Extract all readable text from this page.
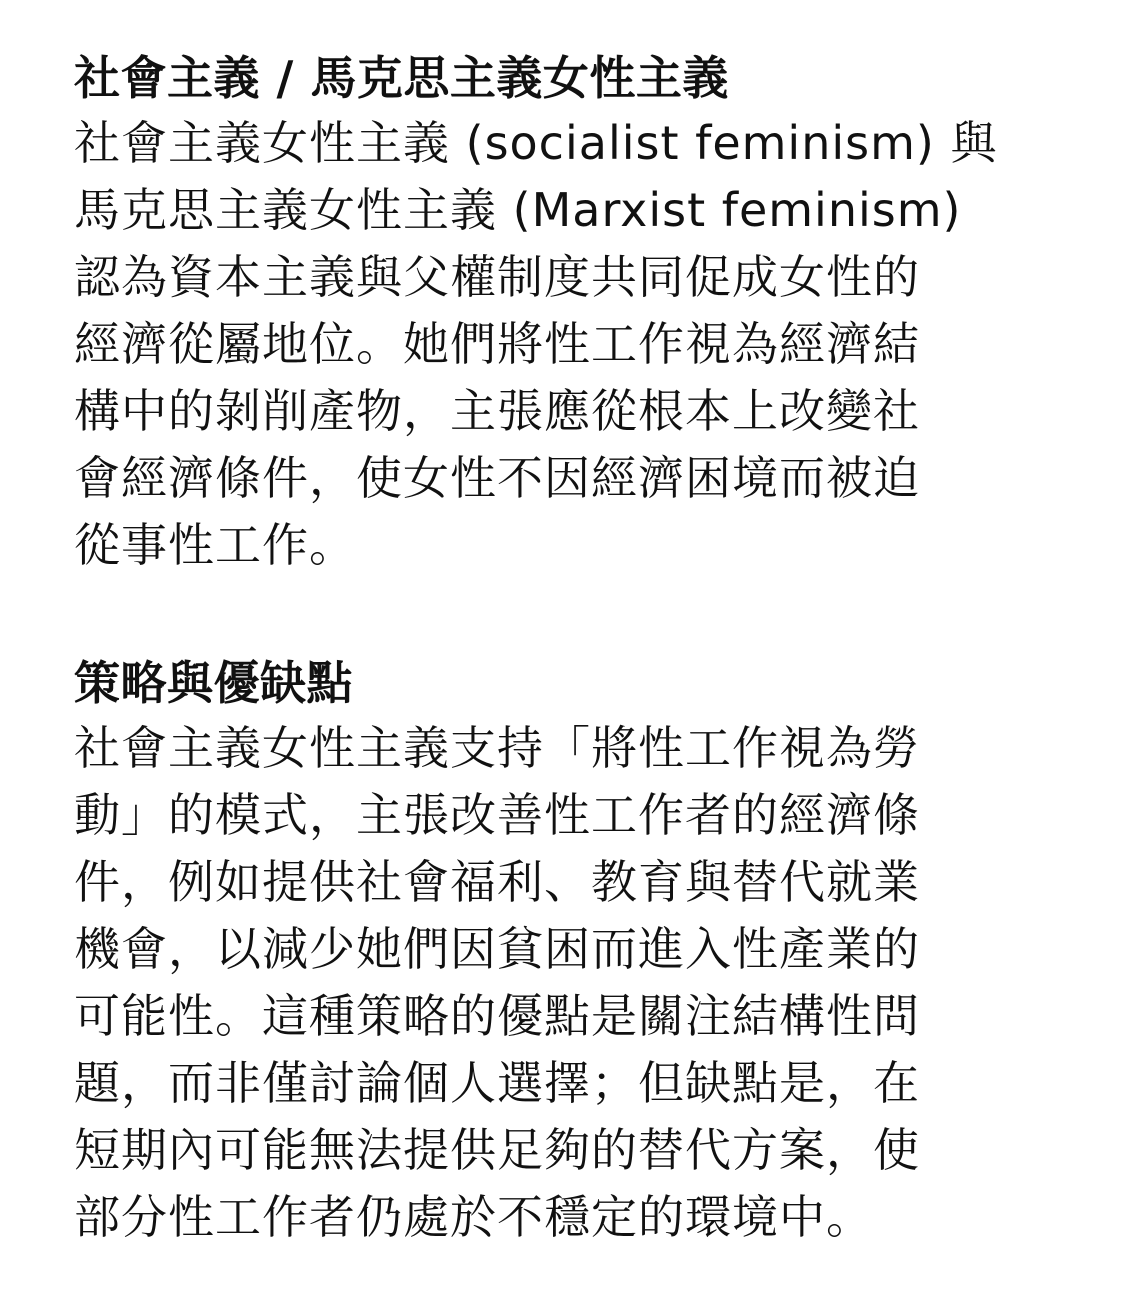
社會主義 / 馬克思主義女性主義

社會主義女性主義 (socialist feminism) 與
馬克思主義女性主義 (Marxist feminism)
認為資本主義與父權制度共同促成女性的
經濟從屬地位。她們將性工作視為經濟結
構中的剝削產物，主張應從根本上改變社
會經濟條件，使女性不因經濟困境而被迫
從事性工作。

策略與優缺點

社會主義女性主義支持「將性工作視為勞
動」的模式，主張改善性工作者的經濟條
件，例如提供社會福利、教育與替代就業
機會，以減少她們因貧困而進入性產業的
可能性。這種策略的優點是關注結構性問
題，而非僅討論個人選擇；但缺點是，在
短期內可能無法提供足夠的替代方案，使
部分性工作者仍處於不穩定的環境中。
